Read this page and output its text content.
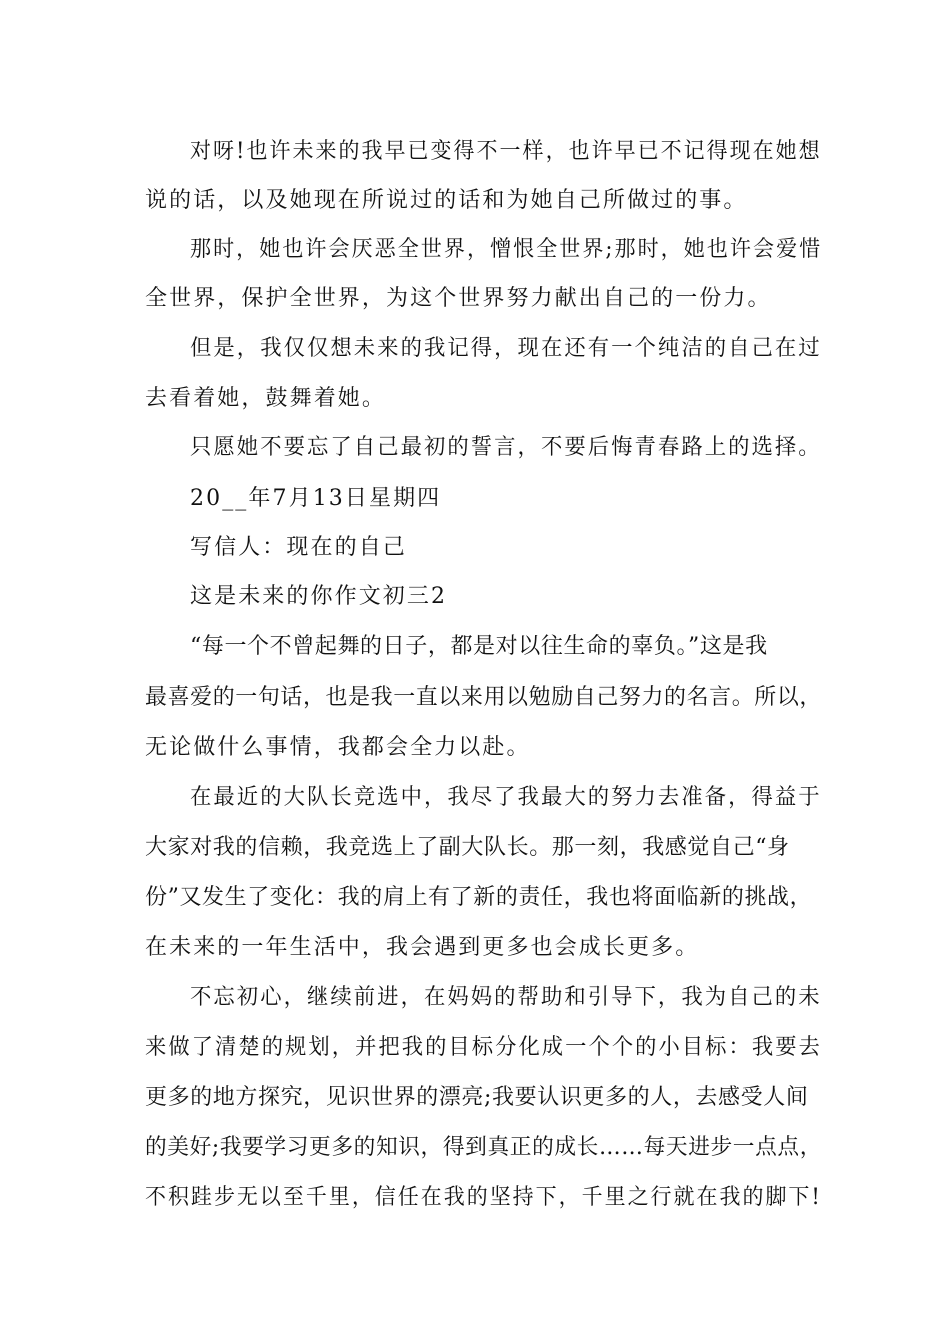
对呀!也许未来的我早已变得不一样，也许早已不记得现在她想

说的话，以及她现在所说过的话和为她自己所做过的事。

那时，她也许会厌恶全世界，憎恨全世界;那时，她也许会爱惜

全世界，保护全世界，为这个世界努力献出自己的一份力。

但是，我仅仅想未来的我记得，现在还有一个纯洁的自己在过

去看着她，鼓舞着她。

只愿她不要忘了自己最初的誓言，不要后悔青春路上的选择。

20__年7月13日星期四

写信人：现在的自己

这是未来的你作文初三2

“每一个不曾起舞的日子，都是对以往生命的辜负。”这是我

最喜爱的一句话，也是我一直以来用以勉励自己努力的名言。所以，

无论做什么事情，我都会全力以赴。

在最近的大队长竞选中，我尽了我最大的努力去准备，得益于

大家对我的信赖，我竞选上了副大队长。那一刻，我感觉自己“身

份”又发生了变化：我的肩上有了新的责任，我也将面临新的挑战，

在未来的一年生活中，我会遇到更多也会成长更多。

不忘初心，继续前进，在妈妈的帮助和引导下，我为自己的未

来做了清楚的规划，并把我的目标分化成一个个的小目标：我要去

更多的地方探究，见识世界的漂亮;我要认识更多的人，去感受人间

的美好;我要学习更多的知识，得到真正的成长……每天进步一点点，

不积跬步无以至千里，信任在我的坚持下，千里之行就在我的脚下!
